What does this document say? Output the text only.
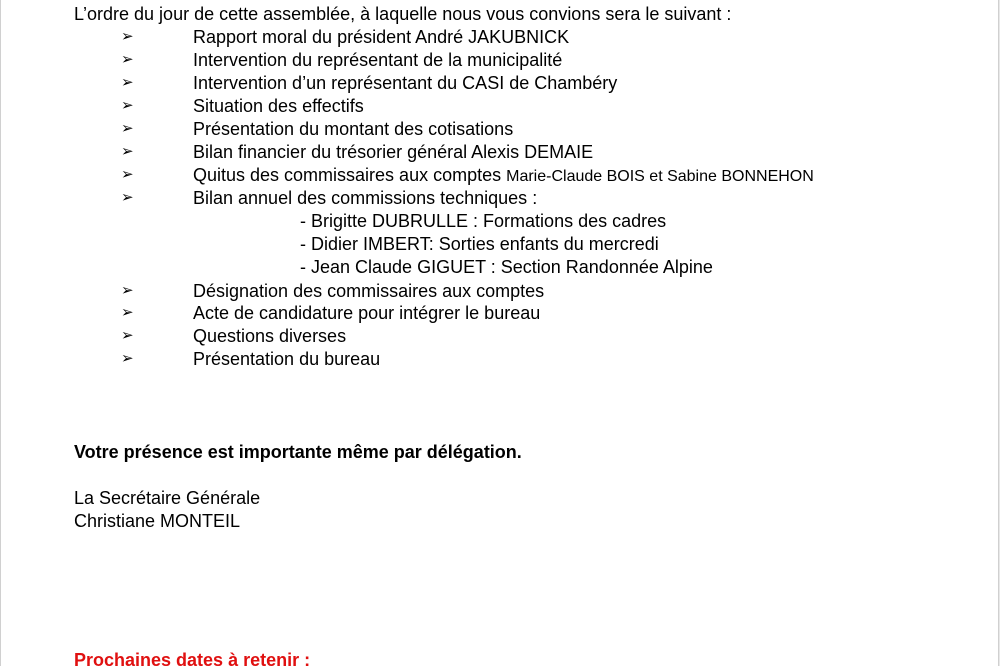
L’ordre du jour de cette assemblée, à laquelle nous vous convions sera le suivant :
➢	Rapport moral du président André JAKUBNICK
➢	Intervention du représentant de la municipalité
➢	Intervention d’un représentant du CASI de Chambéry
➢	Situation des effectifs
➢	Présentation du montant des cotisations
➢	Bilan financier du trésorier général Alexis DEMAIE
➢	Quitus des commissaires aux comptes Marie-Claude BOIS et Sabine BONNEHON
➢	Bilan annuel des commissions techniques :
- Brigitte DUBRULLE : Formations des cadres
- Didier IMBERT: Sorties enfants du mercredi
- Jean Claude GIGUET : Section Randonnée Alpine
➢	Désignation des commissaires aux comptes
➢	Acte de candidature pour intégrer le bureau
➢	Questions diverses
➢	Présentation du bureau
Votre présence est importante même par délégation.
La Secrétaire Générale
Christiane MONTEIL
Prochaines dates à retenir :
